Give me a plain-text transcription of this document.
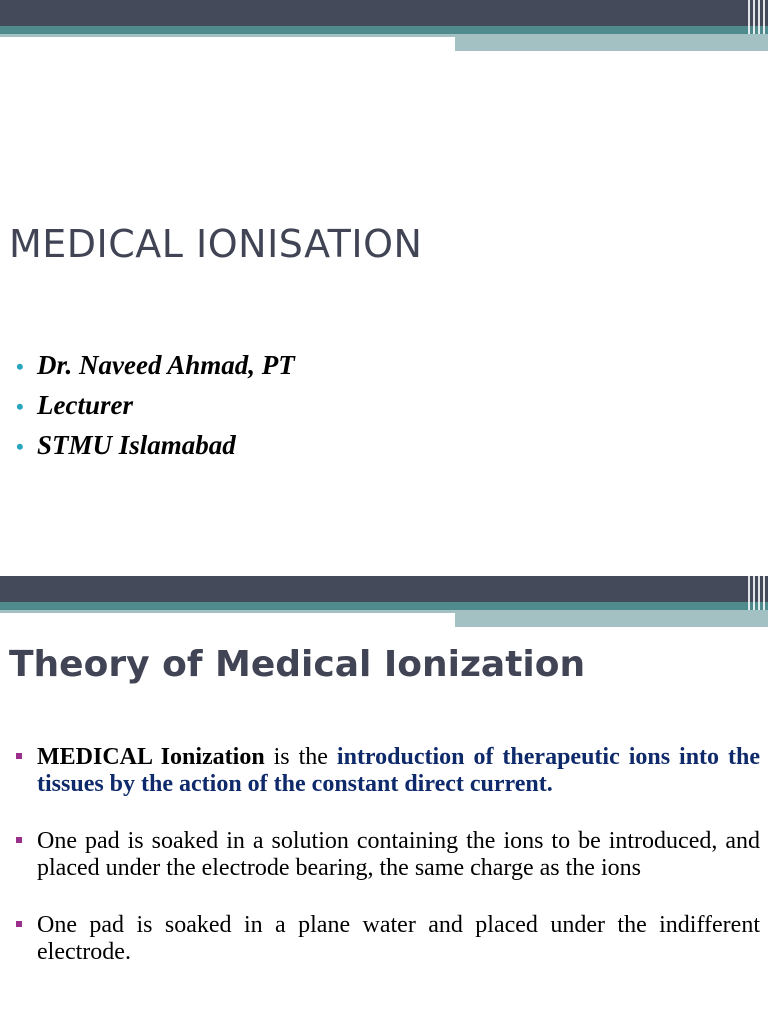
MEDICAL IONISATION
• Dr. Naveed Ahmad, PT
• Lecturer
• STMU Islamabad
Theory of Medical Ionization
MEDICAL Ionization is the introduction of therapeutic ions into the tissues by the action of the constant direct current.
One pad is soaked in a solution containing the ions to be introduced, and placed under the electrode bearing, the same charge as the ions
One pad is soaked in a plane water and placed under the indifferent electrode.
